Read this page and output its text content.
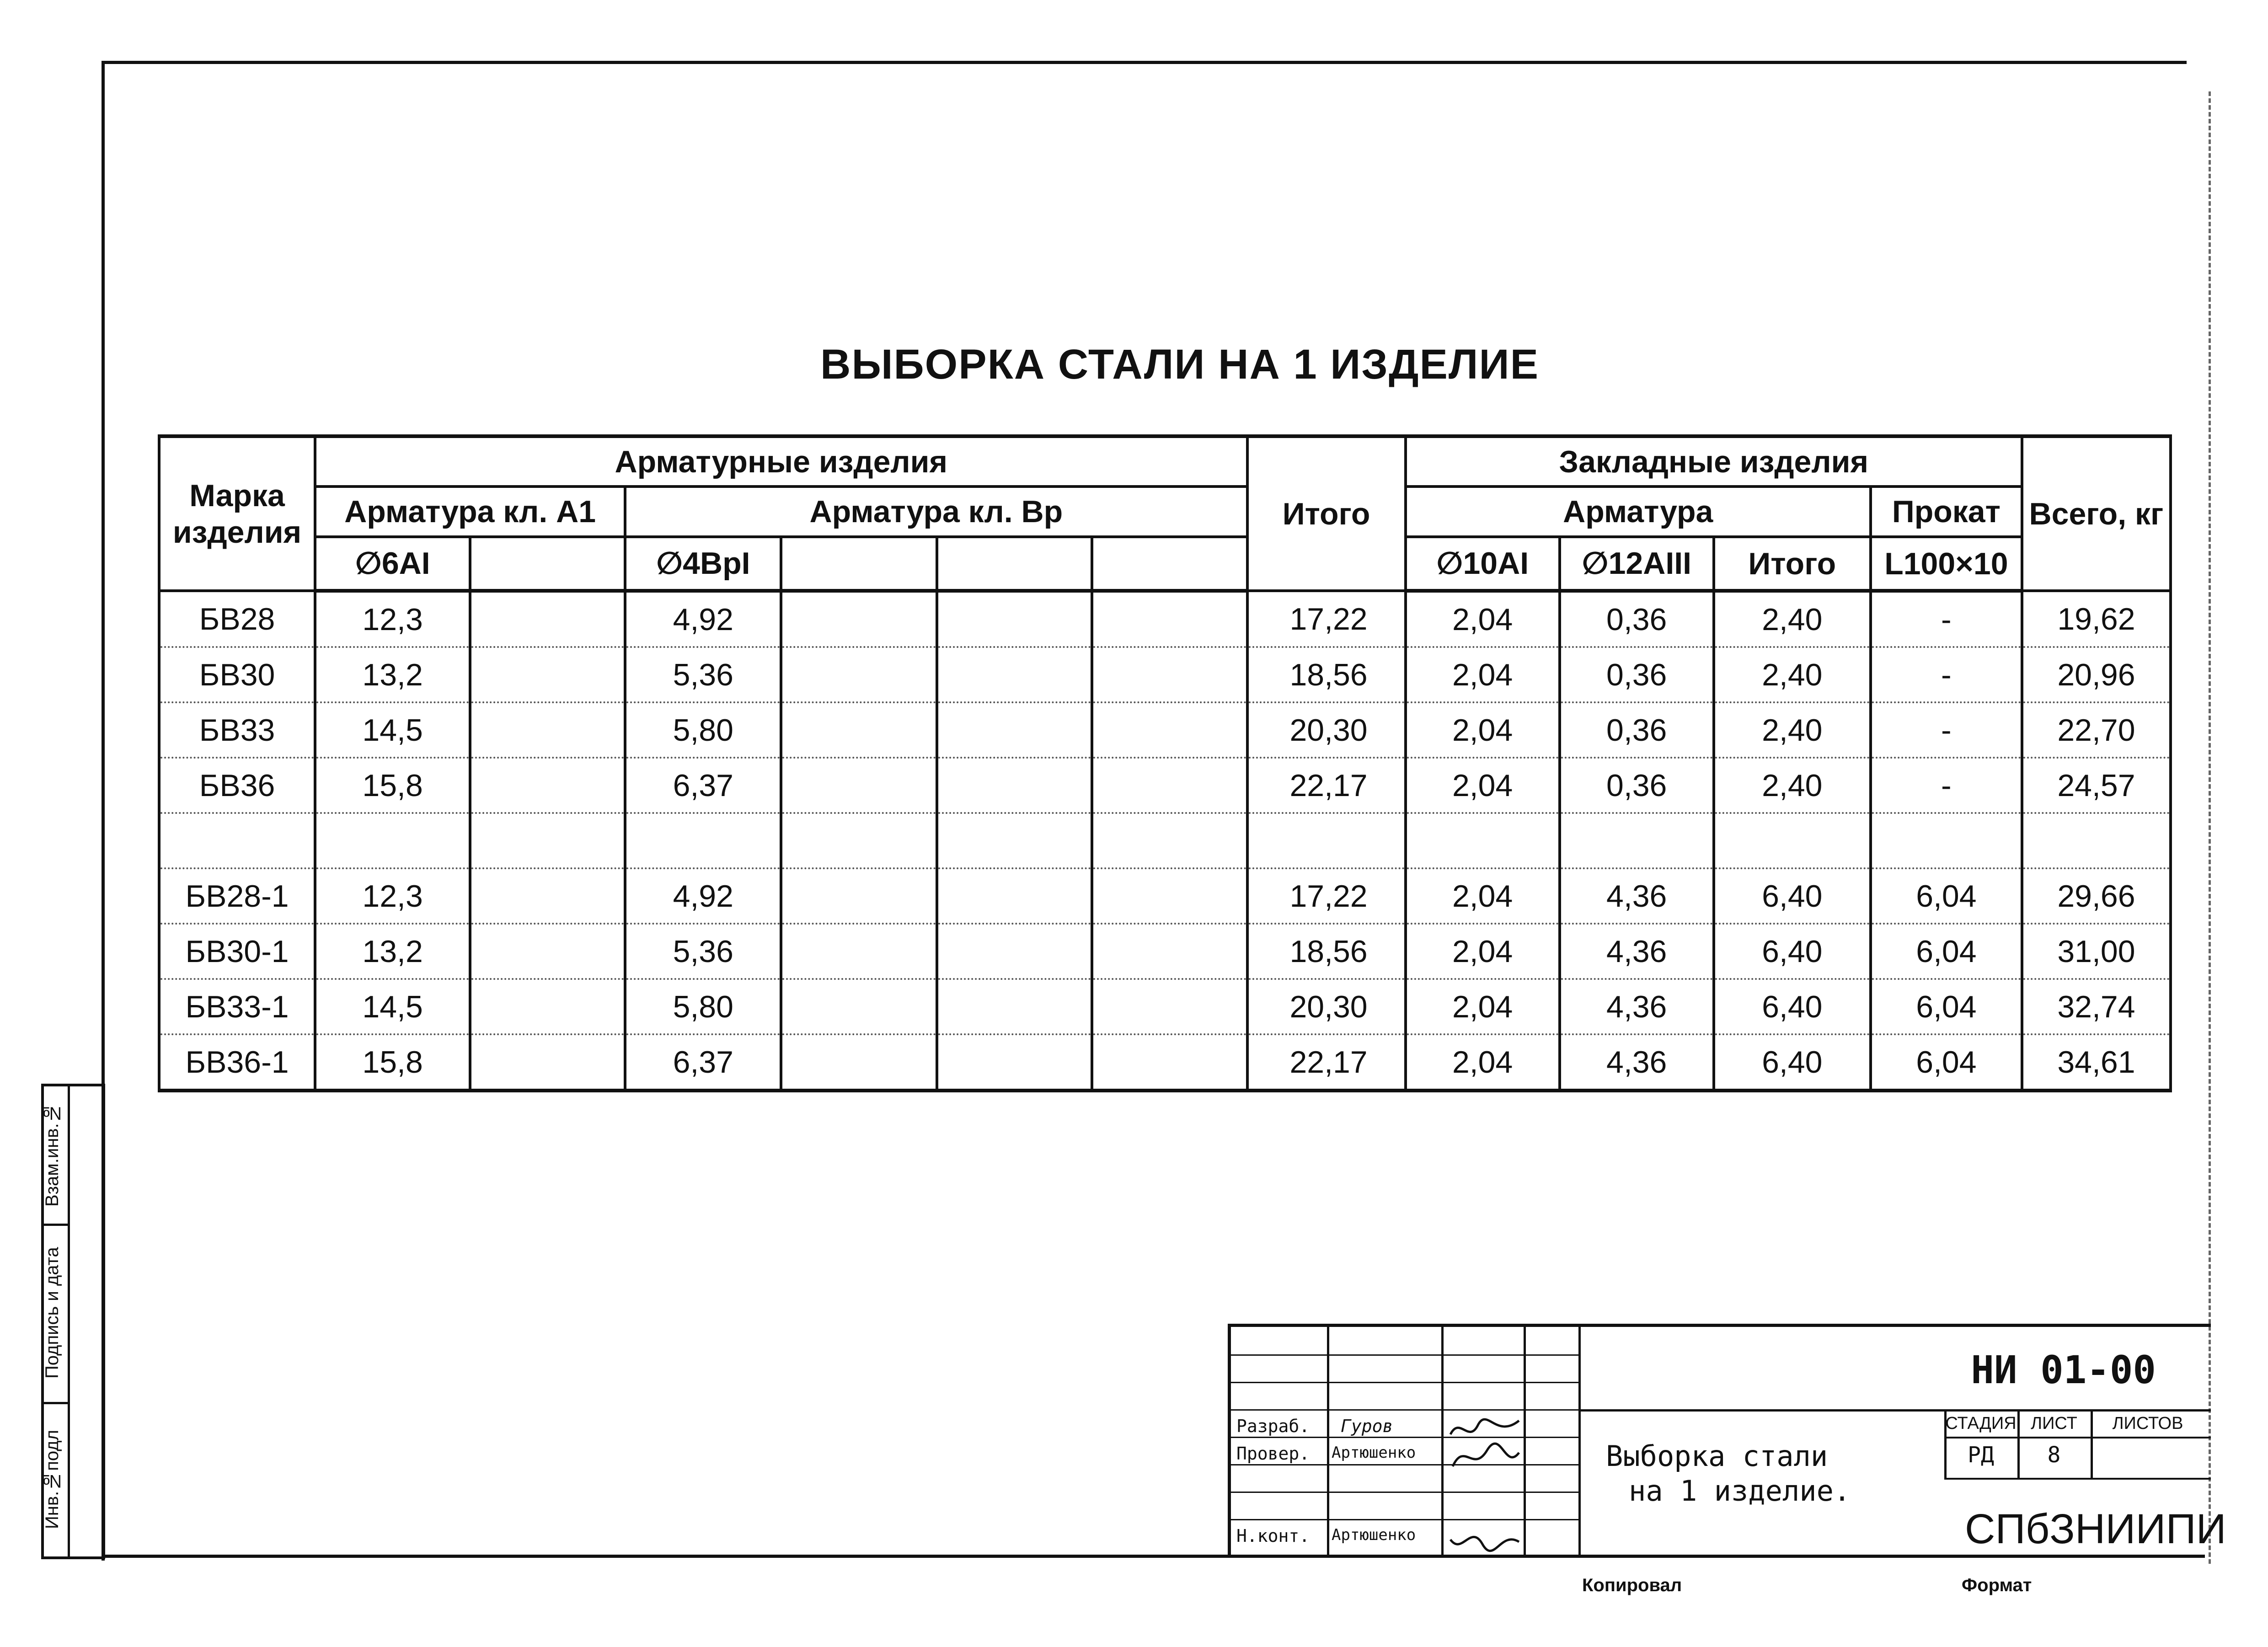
ВЫБОРКА СТАЛИ НА 1 ИЗДЕЛИЕ
Марка изделия	Арматурные изделия						Итого	Закладные изделия				Всего, кг
	Арматура кл. А1		Арматура кл. Вр					Арматура			Прокат	
	∅6АI		∅4ВрI					∅10АI	∅12АIII	Итого	L100×10	
БВ28	12,3		4,92				17,22	2,04	0,36	2,40	-	19,62
БВ30	13,2		5,36				18,56	2,04	0,36	2,40	-	20,96
БВ33	14,5		5,80				20,30	2,04	0,36	2,40	-	22,70
БВ36	15,8		6,37				22,17	2,04	0,36	2,40	-	24,57

БВ28-1	12,3		4,92				17,22	2,04	4,36	6,40	6,04	29,66
БВ30-1	13,2		5,36				18,56	2,04	4,36	6,40	6,04	31,00
БВ33-1	14,5		5,80				20,30	2,04	4,36	6,40	6,04	32,74
БВ36-1	15,8		6,37				22,17	2,04	4,36	6,40	6,04	34,61
Взам.инв.№
Подпись и дата
Инв.№подл
НИ 01-00
Разраб. Гуров
Провер. Артюшенко
Н.конт. Артюшенко
Выборка стали
на 1 изделие.
СТАДИЯ ЛИСТ	ЛИСТОВ
РД	8
СПбЗНИИПИ
Копировал	Формат
